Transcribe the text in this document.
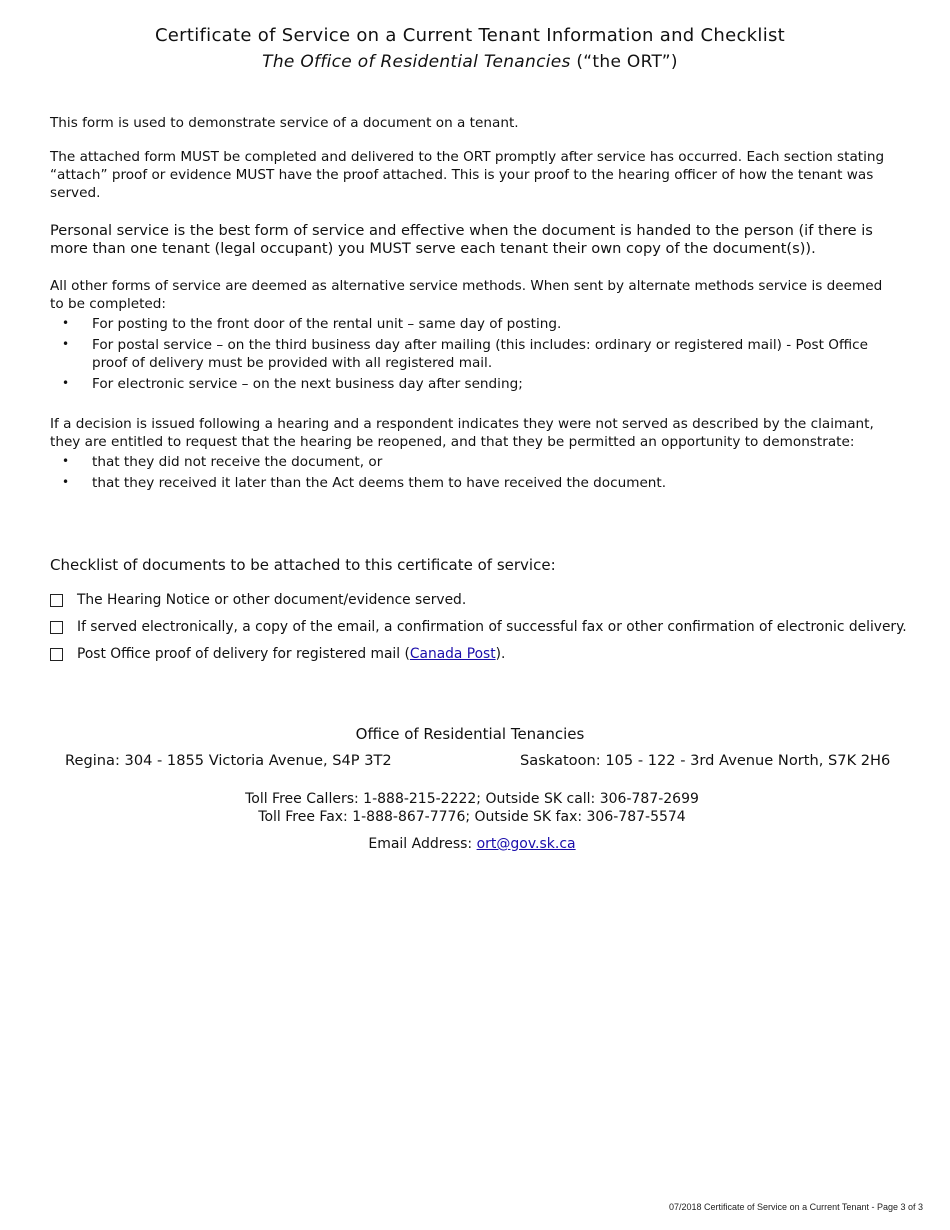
Certificate of Service on a Current Tenant Information and Checklist
The Office of Residential Tenancies (“the ORT”)
This form is used to demonstrate service of a document on a tenant.
The attached form MUST be completed and delivered to the ORT promptly after service has occurred. Each section stating “attach” proof or evidence MUST have the proof attached. This is your proof to the hearing officer of how the tenant was served.
Personal service is the best form of service and effective when the document is handed to the person (if there is more than one tenant (legal occupant) you MUST serve each tenant their own copy of the document(s)).
All other forms of service are deemed as alternative service methods. When sent by alternate methods service is deemed to be completed:
• For posting to the front door of the rental unit – same day of posting.
• For postal service – on the third business day after mailing (this includes: ordinary or registered mail) - Post Office proof of delivery must be provided with all registered mail.
• For electronic service – on the next business day after sending;
If a decision is issued following a hearing and a respondent indicates they were not served as described by the claimant, they are entitled to request that the hearing be reopened, and that they be permitted an opportunity to demonstrate:
• that they did not receive the document, or
• that they received it later than the Act deems them to have received the document.
Checklist of documents to be attached to this certificate of service:
The Hearing Notice or other document/evidence served.
If served electronically, a copy of the email, a confirmation of successful fax or other confirmation of electronic delivery.
Post Office proof of delivery for registered mail (Canada Post).
Office of Residential Tenancies
Regina: 304 - 1855 Victoria Avenue, S4P 3T2	Saskatoon: 105 - 122 - 3rd Avenue North, S7K 2H6
Toll Free Callers: 1-888-215-2222; Outside SK call: 306-787-2699
Toll Free Fax: 1-888-867-7776; Outside SK fax: 306-787-5574
Email Address: ort@gov.sk.ca
07/2018 Certificate of Service on a Current Tenant - Page 3 of 3
